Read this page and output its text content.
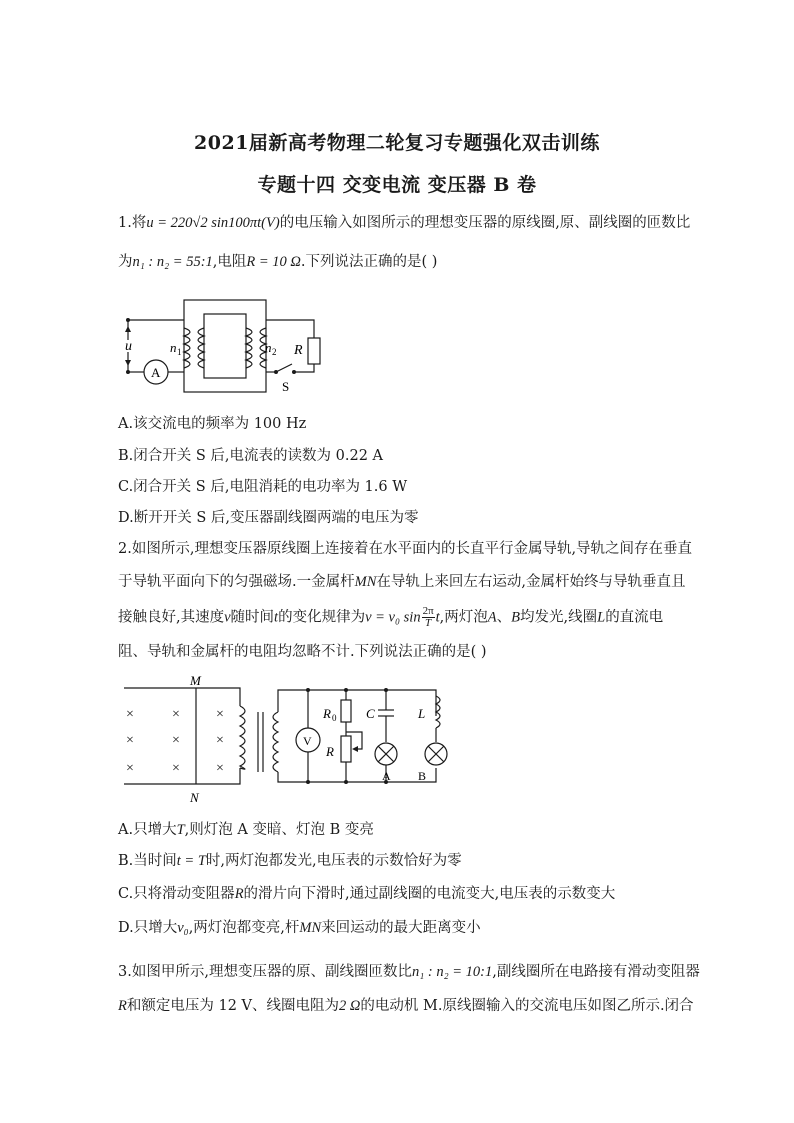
2021届新高考物理二轮复习专题强化双击训练
专题十四 交变电流 变压器 B 卷
1.将u = 220√2 sin100πt(V)的电压输入如图所示的理想变压器的原线圈,原、副线圈的匝数比
为n₁ : n₂ = 55:1,电阻R = 10 Ω.下列说法正确的是( )
u
A
n 1	n 2 R
S
A.该交流电的频率为 100 Hz
B.闭合开关 S 后,电流表的读数为 0.22 A
C.闭合开关 S 后,电阻消耗的电功率为 1.6 W
D.断开开关 S 后,变压器副线圈两端的电压为零
2.如图所示,理想变压器原线圈上连接着在水平面内的长直平行金属导轨,导轨之间存在垂直
于导轨平面向下的匀强磁场.一金属杆MN在导轨上来回左右运动,金属杆始终与导轨垂直且
接触良好,其速度v随时间t的变化规律为v = v₀ $\sin \frac{2\pi}{T} t$,两灯泡A、B均发光,线圈L的直流电
阻、导轨和金属杆的电阻均忽略不计.下列说法正确的是( )
×	×	×
×	×	×
×	×	×
M
N
V
R 0
R
C
A
L
B
A.只增大T,则灯泡 A 变暗、灯泡 B 变亮
B.当时间t = T时,两灯泡都发光,电压表的示数恰好为零
C.只将滑动变阻器R的滑片向下滑时,通过副线圈的电流变大,电压表的示数变大
D.只增大v₀,两灯泡都变亮,杆MN来回运动的最大距离变小
3.如图甲所示,理想变压器的原、副线圈匝数比n₁ : n₂ = 10:1,副线圈所在电路接有滑动变阻器
R和额定电压为 12 V、线圈电阻为2 Ω的电动机 M.原线圈输入的交流电压如图乙所示.闭合
